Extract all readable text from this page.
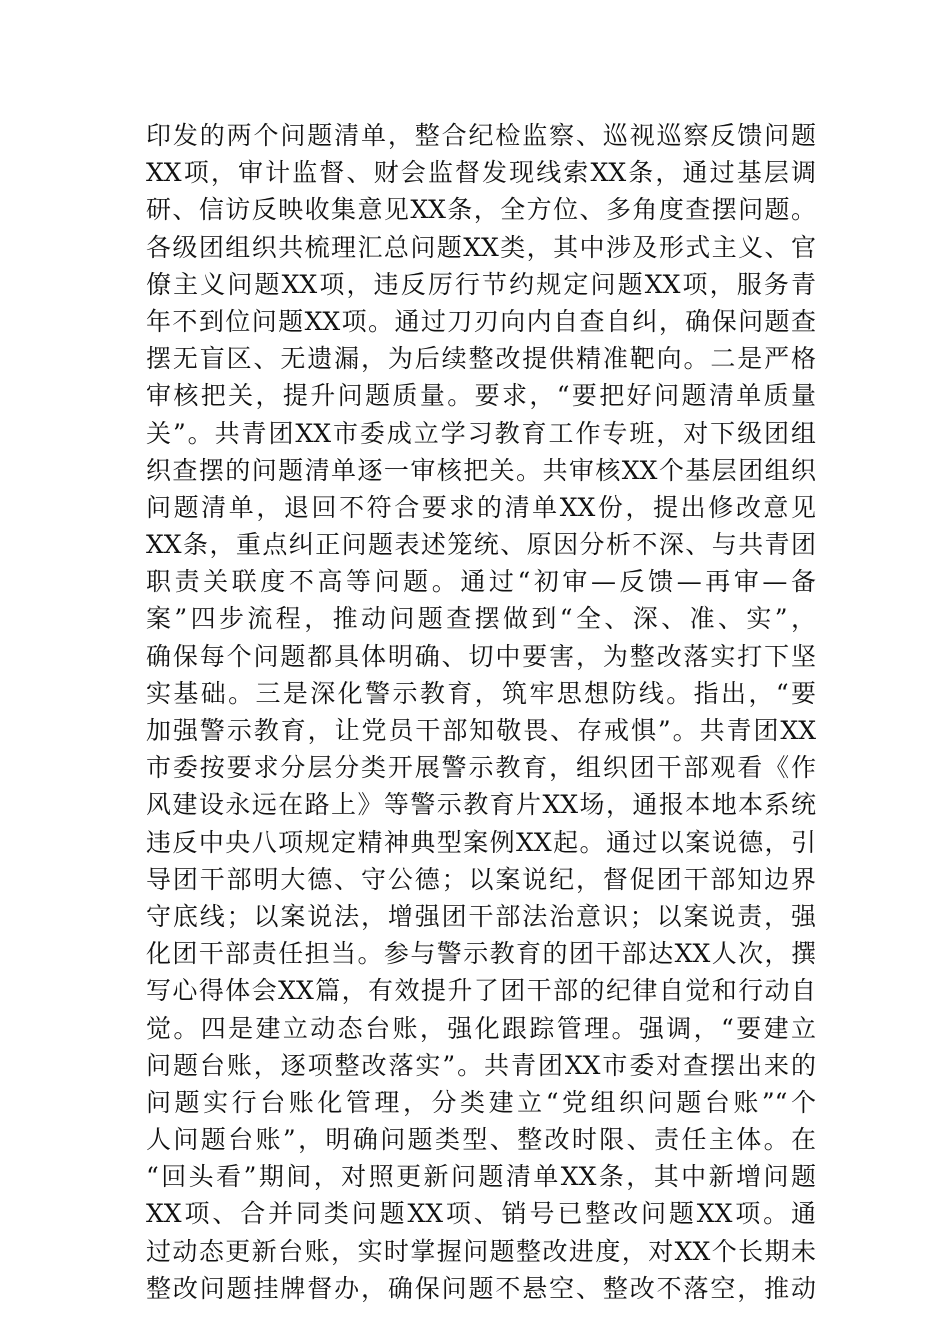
印发的两个问题清单，整合纪检监察、巡视巡察反馈问题
XX项，审计监督、财会监督发现线索XX条，通过基层调
研、信访反映收集意见XX条，全方位、多角度查摆问题。
各级团组织共梳理汇总问题XX类，其中涉及形式主义、官
僚主义问题XX项，违反厉行节约规定问题XX项，服务青
年不到位问题XX项。通过刀刃向内自查自纠，确保问题查
摆无盲区、无遗漏，为后续整改提供精准靶向。二是严格
审核把关，提升问题质量。要求，“要把好问题清单质量
关”。共青团XX市委成立学习教育工作专班，对下级团组
织查摆的问题清单逐一审核把关。共审核XX个基层团组织
问题清单，退回不符合要求的清单XX份，提出修改意见
XX条，重点纠正问题表述笼统、原因分析不深、与共青团
职责关联度不高等问题。通过“初审—反馈—再审—备
案”四步流程，推动问题查摆做到“全、深、准、实”，
确保每个问题都具体明确、切中要害，为整改落实打下坚
实基础。三是深化警示教育，筑牢思想防线。指出，“要
加强警示教育，让党员干部知敬畏、存戒惧”。共青团XX
市委按要求分层分类开展警示教育，组织团干部观看《作
风建设永远在路上》等警示教育片XX场，通报本地本系统
违反中央八项规定精神典型案例XX起。通过以案说德，引
导团干部明大德、守公德；以案说纪，督促团干部知边界
守底线；以案说法，增强团干部法治意识；以案说责，强
化团干部责任担当。参与警示教育的团干部达XX人次，撰
写心得体会XX篇，有效提升了团干部的纪律自觉和行动自
觉。四是建立动态台账，强化跟踪管理。强调，“要建立
问题台账，逐项整改落实”。共青团XX市委对查摆出来的
问题实行台账化管理，分类建立“党组织问题台账”“个
人问题台账”，明确问题类型、整改时限、责任主体。在
“回头看”期间，对照更新问题清单XX条，其中新增问题
XX项、合并同类问题XX项、销号已整改问题XX项。通
过动态更新台账，实时掌握问题整改进度，对XX个长期未
整改问题挂牌督办，确保问题不悬空、整改不落空，推动
